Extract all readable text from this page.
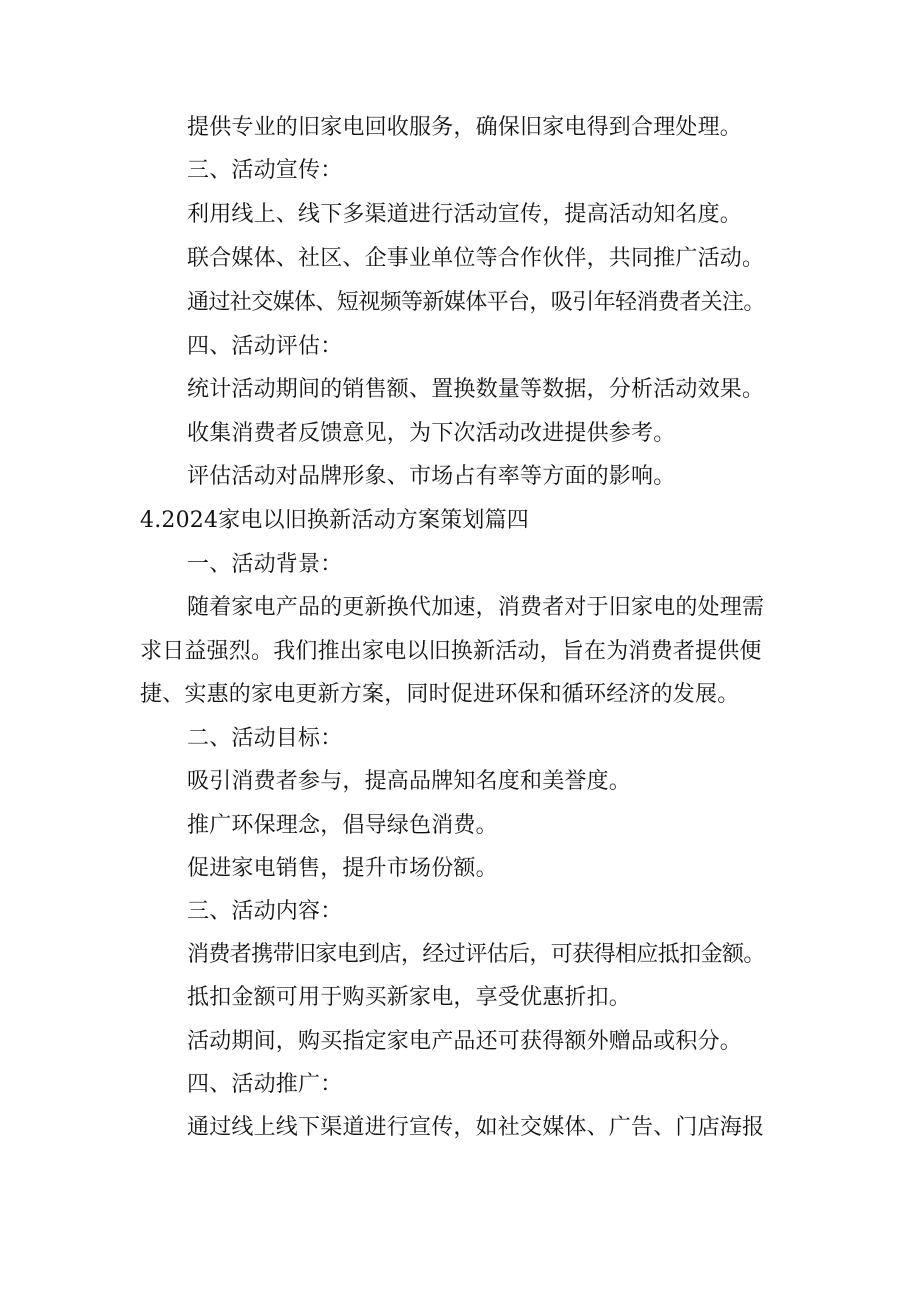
提供专业的旧家电回收服务，确保旧家电得到合理处理。
三、活动宣传：
利用线上、线下多渠道进行活动宣传，提高活动知名度。
联合媒体、社区、企事业单位等合作伙伴，共同推广活动。
通过社交媒体、短视频等新媒体平台，吸引年轻消费者关注。
四、活动评估：
统计活动期间的销售额、置换数量等数据，分析活动效果。
收集消费者反馈意见，为下次活动改进提供参考。
评估活动对品牌形象、市场占有率等方面的影响。
4.2024家电以旧换新活动方案策划篇四
一、活动背景：
随着家电产品的更新换代加速，消费者对于旧家电的处理需
求日益强烈。我们推出家电以旧换新活动，旨在为消费者提供便
捷、实惠的家电更新方案，同时促进环保和循环经济的发展。
二、活动目标：
吸引消费者参与，提高品牌知名度和美誉度。
推广环保理念，倡导绿色消费。
促进家电销售，提升市场份额。
三、活动内容：
消费者携带旧家电到店，经过评估后，可获得相应抵扣金额。
抵扣金额可用于购买新家电，享受优惠折扣。
活动期间，购买指定家电产品还可获得额外赠品或积分。
四、活动推广：
通过线上线下渠道进行宣传，如社交媒体、广告、门店海报
